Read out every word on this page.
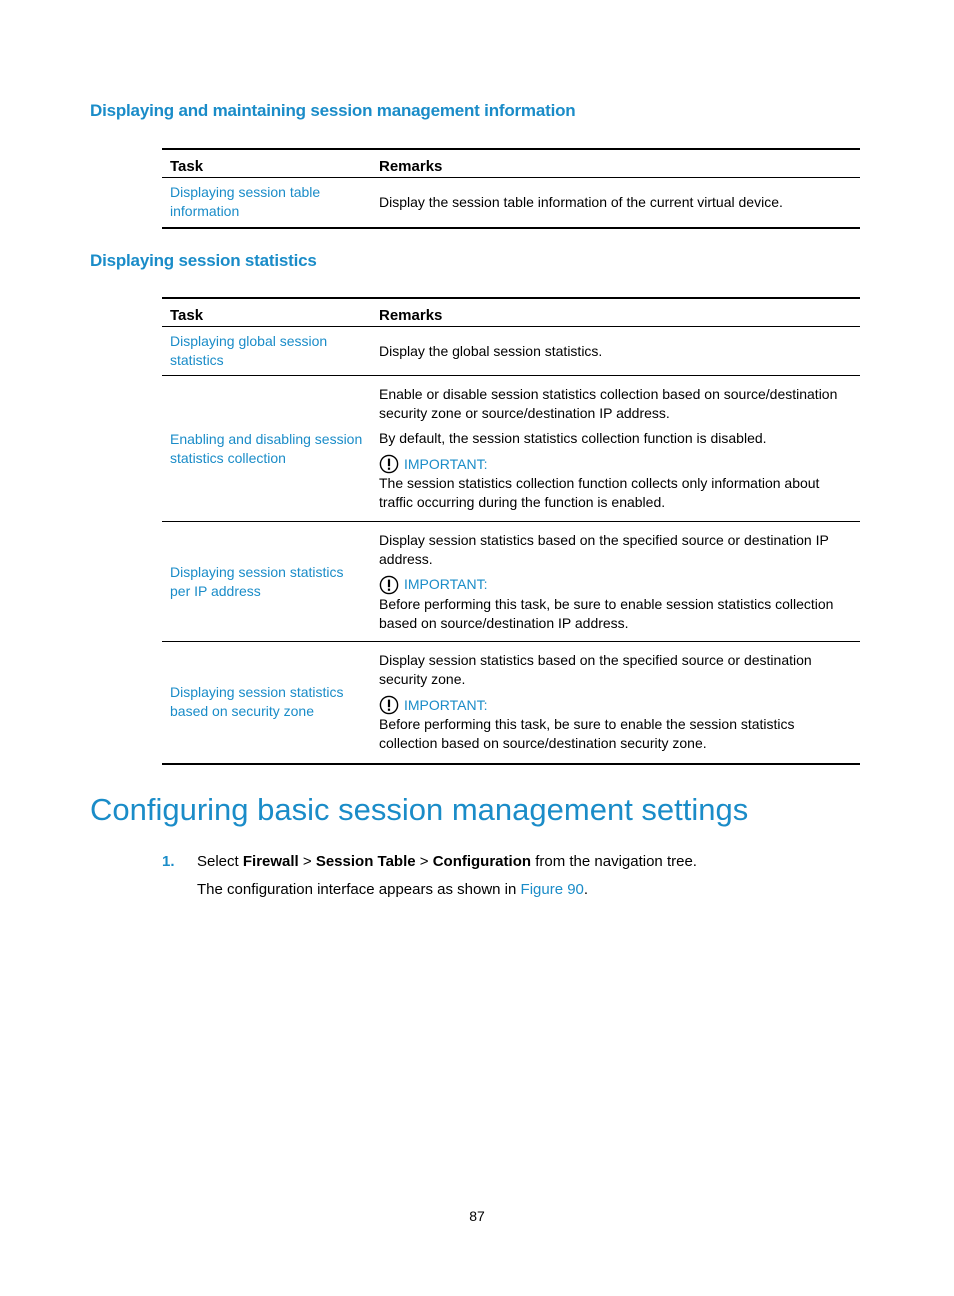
Displaying and maintaining session management information
Task	Remarks
Displaying session table information	Display the session table information of the current virtual device.
Displaying session statistics
Task	Remarks
Displaying global session statistics	Display the global session statistics.
Enabling and disabling session statistics collection	Enable or disable session statistics collection based on source/destination security zone or source/destination IP address.

By default, the session statistics collection function is disabled.

IMPORTANT:

The session statistics collection function collects only information about traffic occurring during the function is enabled.

Displaying session statistics per IP address	Display session statistics based on the specified source or destination IP address.

IMPORTANT:

Before performing this task, be sure to enable session statistics collection based on source/destination IP address.

Displaying session statistics based on security zone	Display session statistics based on the specified source or destination security zone.

IMPORTANT:

Before performing this task, be sure to enable the session statistics collection based on source/destination security zone.

Configuring basic session management settings
1. Select Firewall > Session Table > Configuration from the navigation tree.
The configuration interface appears as shown in Figure 90.
87
